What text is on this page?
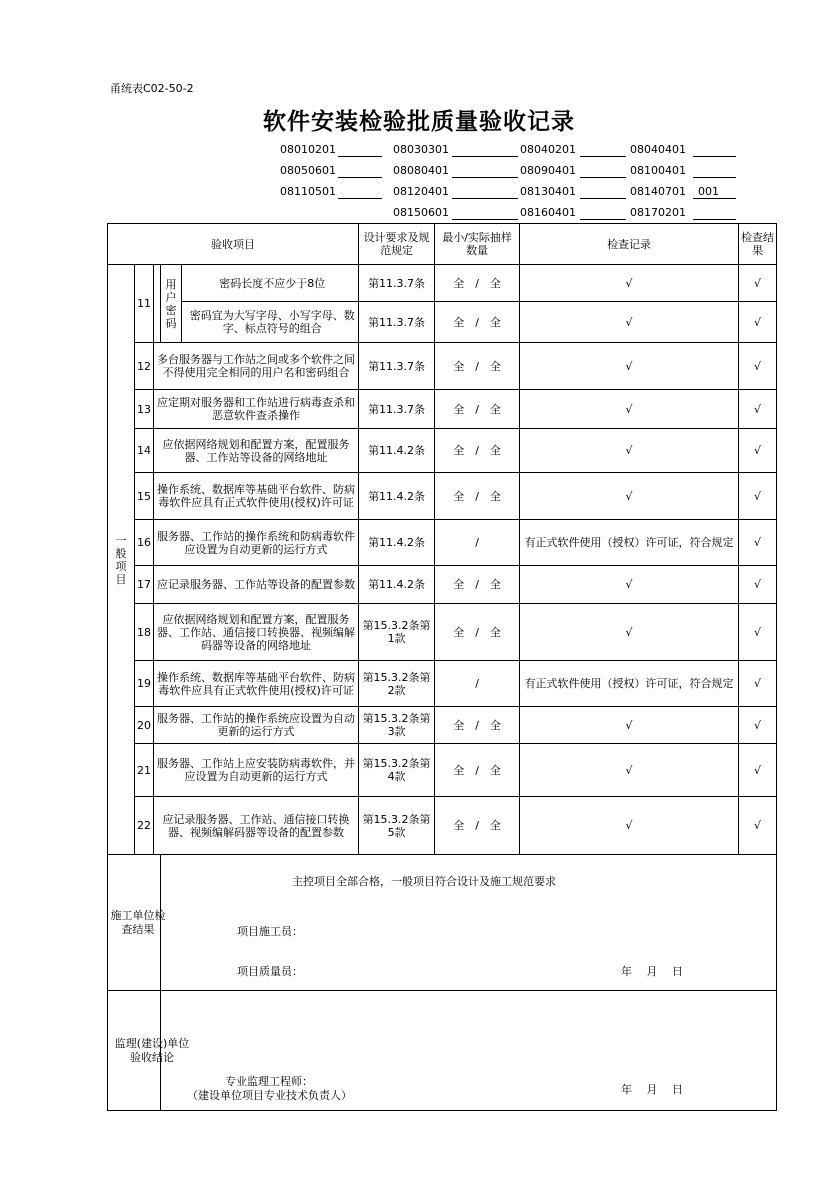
甬统表C02-50-2
软件安装检验批质量验收记录
08010201	08030301	08040201	08040401
08050601	08080401	08090401	08100401
08110501	08120401	08130401	08140701 001
08150601	08160401	08170201
验收项目						设计要求及规范规定	最小/实际抽样数量	检查记录	检查结果
一般项目	11		用户密码		密码长度不应少于8位	第11.3.7条	全　/　全	√	√
					密码宜为大写字母、小写字母、数字、标点符号的组合	第11.3.7条	全　/　全	√	√
	12	多台服务器与工作站之间或多个软件之间不得使用完全相同的用户名和密码组合				第11.3.7条	全　/　全	√	√
	13	应定期对服务器和工作站进行病毒查杀和恶意软件查杀操作				第11.3.7条	全　/　全	√	√
	14	应依据网络规划和配置方案，配置服务器、工作站等设备的网络地址				第11.4.2条	全　/　全	√	√
	15	操作系统、数据库等基础平台软件、防病毒软件应具有正式软件使用(授权)许可证				第11.4.2条	全　/　全	√	√
	16	服务器、工作站的操作系统和防病毒软件应设置为自动更新的运行方式				第11.4.2条	/	有正式软件使用（授权）许可证，符合规定	√
	17	应记录服务器、工作站等设备的配置参数				第11.4.2条	全　/　全	√	√
	18	应依据网络规划和配置方案，配置服务器、工作站、通信接口转换器、视频编解码器等设备的网络地址				第15.3.2条第1款	全　/　全	√	√
	19	操作系统、数据库等基础平台软件、防病毒软件应具有正式软件使用(授权)许可证				第15.3.2条第2款	/	有正式软件使用（授权）许可证，符合规定	√
	20	服务器、工作站的操作系统应设置为自动更新的运行方式				第15.3.2条第3款	全　/　全	√	√
	21	服务器、工作站上应安装防病毒软件，并应设置为自动更新的运行方式				第15.3.2条第4款	全　/　全	√	√
	22	应记录服务器、工作站、通信接口转换器、视频编解码器等设备的配置参数				第15.3.2条第5款	全　/　全	√	√
施工单位检查结果			主控项目全部合格，一般项目符合设计及施工规范要求
项目施工员：
项目质量员： 年　 月　 日						

监理(建设)单位验收结论			专业监理工程师：
（建设单位项目专业技术负责人） 年　 月　 日						
